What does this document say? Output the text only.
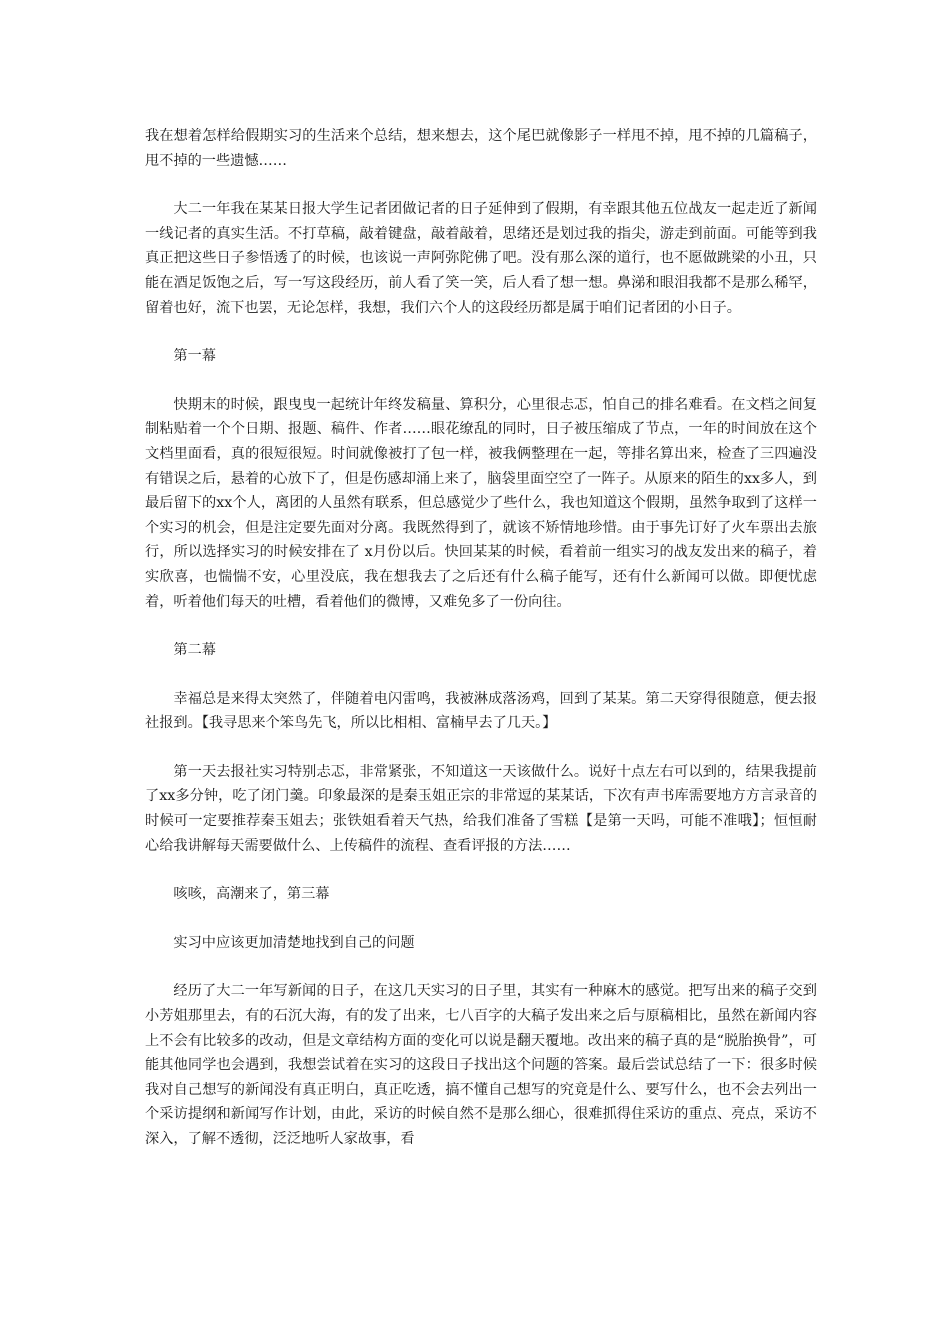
我在想着怎样给假期实习的生活来个总结，想来想去，这个尾巴就像影子一样甩不掉，甩不掉的几篇稿子，甩不掉的一些遗憾……

大二一年我在某某日报大学生记者团做记者的日子延伸到了假期，有幸跟其他五位战友一起走近了新闻一线记者的真实生活。不打草稿，敲着键盘，敲着敲着，思绪还是划过我的指尖，游走到前面。可能等到我真正把这些日子参悟透了的时候，也该说一声阿弥陀佛了吧。没有那么深的道行，也不愿做跳梁的小丑，只能在酒足饭饱之后，写一写这段经历，前人看了笑一笑，后人看了想一想。鼻涕和眼泪我都不是那么稀罕，留着也好，流下也罢，无论怎样，我想，我们六个人的这段经历都是属于咱们记者团的小日子。

第一幕

快期末的时候，跟曳曳一起统计年终发稿量、算积分，心里很忐忑，怕自己的排名难看。在文档之间复制粘贴着一个个日期、报题、稿件、作者……眼花缭乱的同时，日子被压缩成了节点，一年的时间放在这个文档里面看，真的很短很短。时间就像被打了包一样，被我俩整理在一起，等排名算出来，检查了三四遍没有错误之后，悬着的心放下了，但是伤感却涌上来了，脑袋里面空空了一阵子。从原来的陌生的xx多人，到最后留下的xx个人，离团的人虽然有联系，但总感觉少了些什么，我也知道这个假期，虽然争取到了这样一个实习的机会，但是注定要先面对分离。我既然得到了，就该不矫情地珍惜。由于事先订好了火车票出去旅行，所以选择实习的时候安排在了 x月份以后。快回某某的时候，看着前一组实习的战友发出来的稿子，着实欣喜，也惴惴不安，心里没底，我在想我去了之后还有什么稿子能写，还有什么新闻可以做。即便忧虑着，听着他们每天的吐槽，看着他们的微博，又难免多了一份向往。

第二幕

幸福总是来得太突然了，伴随着电闪雷鸣，我被淋成落汤鸡，回到了某某。第二天穿得很随意，便去报社报到。【我寻思来个笨鸟先飞，所以比相相、富楠早去了几天。】

第一天去报社实习特别忐忑，非常紧张，不知道这一天该做什么。说好十点左右可以到的，结果我提前了xx多分钟，吃了闭门羹。印象最深的是秦玉姐正宗的非常逗的某某话，下次有声书库需要地方方言录音的时候可一定要推荐秦玉姐去；张铁姐看着天气热，给我们准备了雪糕【是第一天吗，可能不准哦】；恒恒耐心给我讲解每天需要做什么、上传稿件的流程、查看评报的方法……

咳咳，高潮来了，第三幕

实习中应该更加清楚地找到自己的问题

经历了大二一年写新闻的日子，在这几天实习的日子里，其实有一种麻木的感觉。把写出来的稿子交到小芳姐那里去，有的石沉大海，有的发了出来，七八百字的大稿子发出来之后与原稿相比，虽然在新闻内容上不会有比较多的改动，但是文章结构方面的变化可以说是翻天覆地。改出来的稿子真的是“脱胎换骨”，可能其他同学也会遇到，我想尝试着在实习的这段日子找出这个问题的答案。最后尝试总结了一下：很多时候我对自己想写的新闻没有真正明白，真正吃透，搞不懂自己想写的究竟是什么、要写什么，也不会去列出一个采访提纲和新闻写作计划，由此，采访的时候自然不是那么细心，很难抓得住采访的重点、亮点，采访不深入，了解不透彻，泛泛地听人家故事，看
